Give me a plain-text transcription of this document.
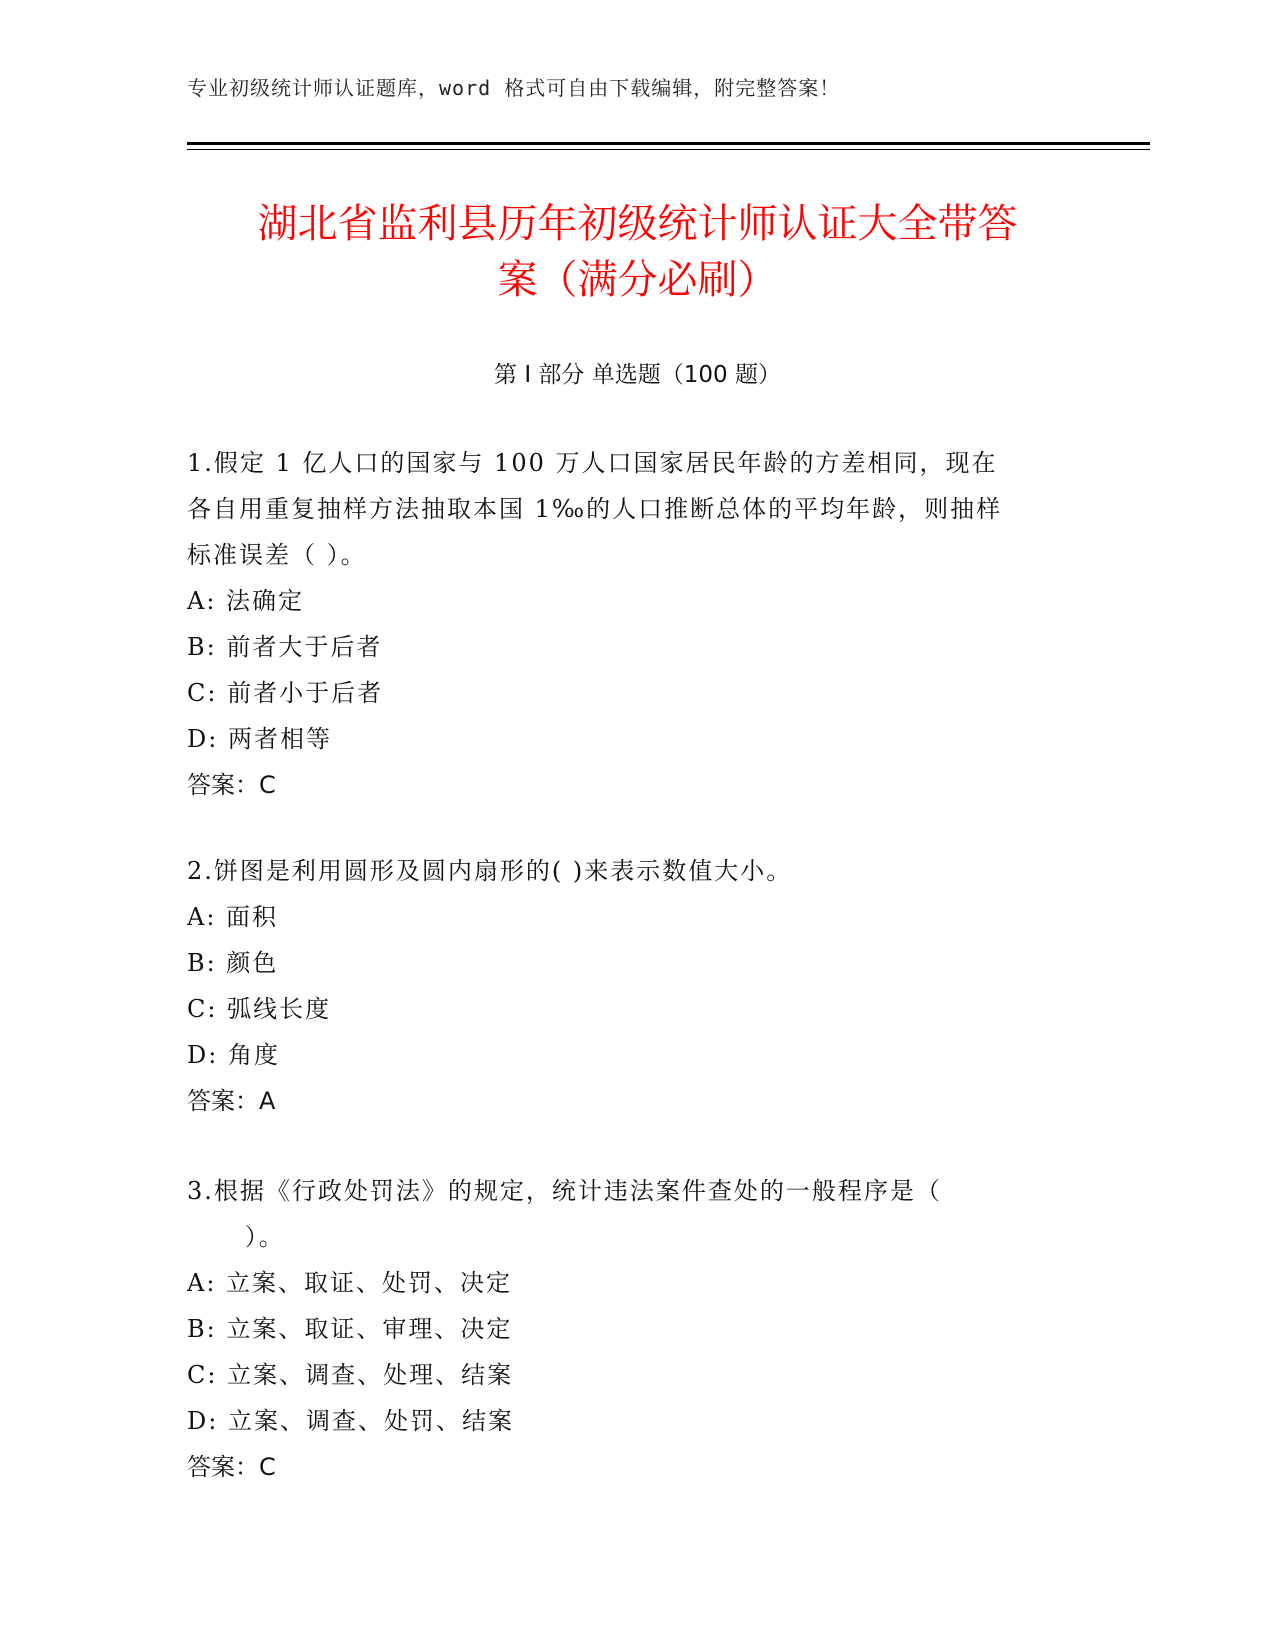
专业初级统计师认证题库，word 格式可自由下载编辑，附完整答案！
湖北省监利县历年初级统计师认证大全带答
案（满分必刷）
第 I 部分 单选题（100 题）

1.假定 1 亿人口的国家与 100 万人口国家居民年龄的方差相同，现在

各自用重复抽样方法抽取本国 1‰的人口推断总体的平均年龄，则抽样

标准误差（ ）。

A: 法确定

B: 前者大于后者

C: 前者小于后者

D: 两者相等

答案：C

2.饼图是利用圆形及圆内扇形的( )来表示数值大小。

A: 面积

B: 颜色

C: 弧线长度

D: 角度

答案：A

3.根据《行政处罚法》的规定，统计违法案件查处的一般程序是（

）。

A: 立案、取证、处罚、决定

B: 立案、取证、审理、决定

C: 立案、调查、处理、结案

D: 立案、调查、处罚、结案

答案：C
